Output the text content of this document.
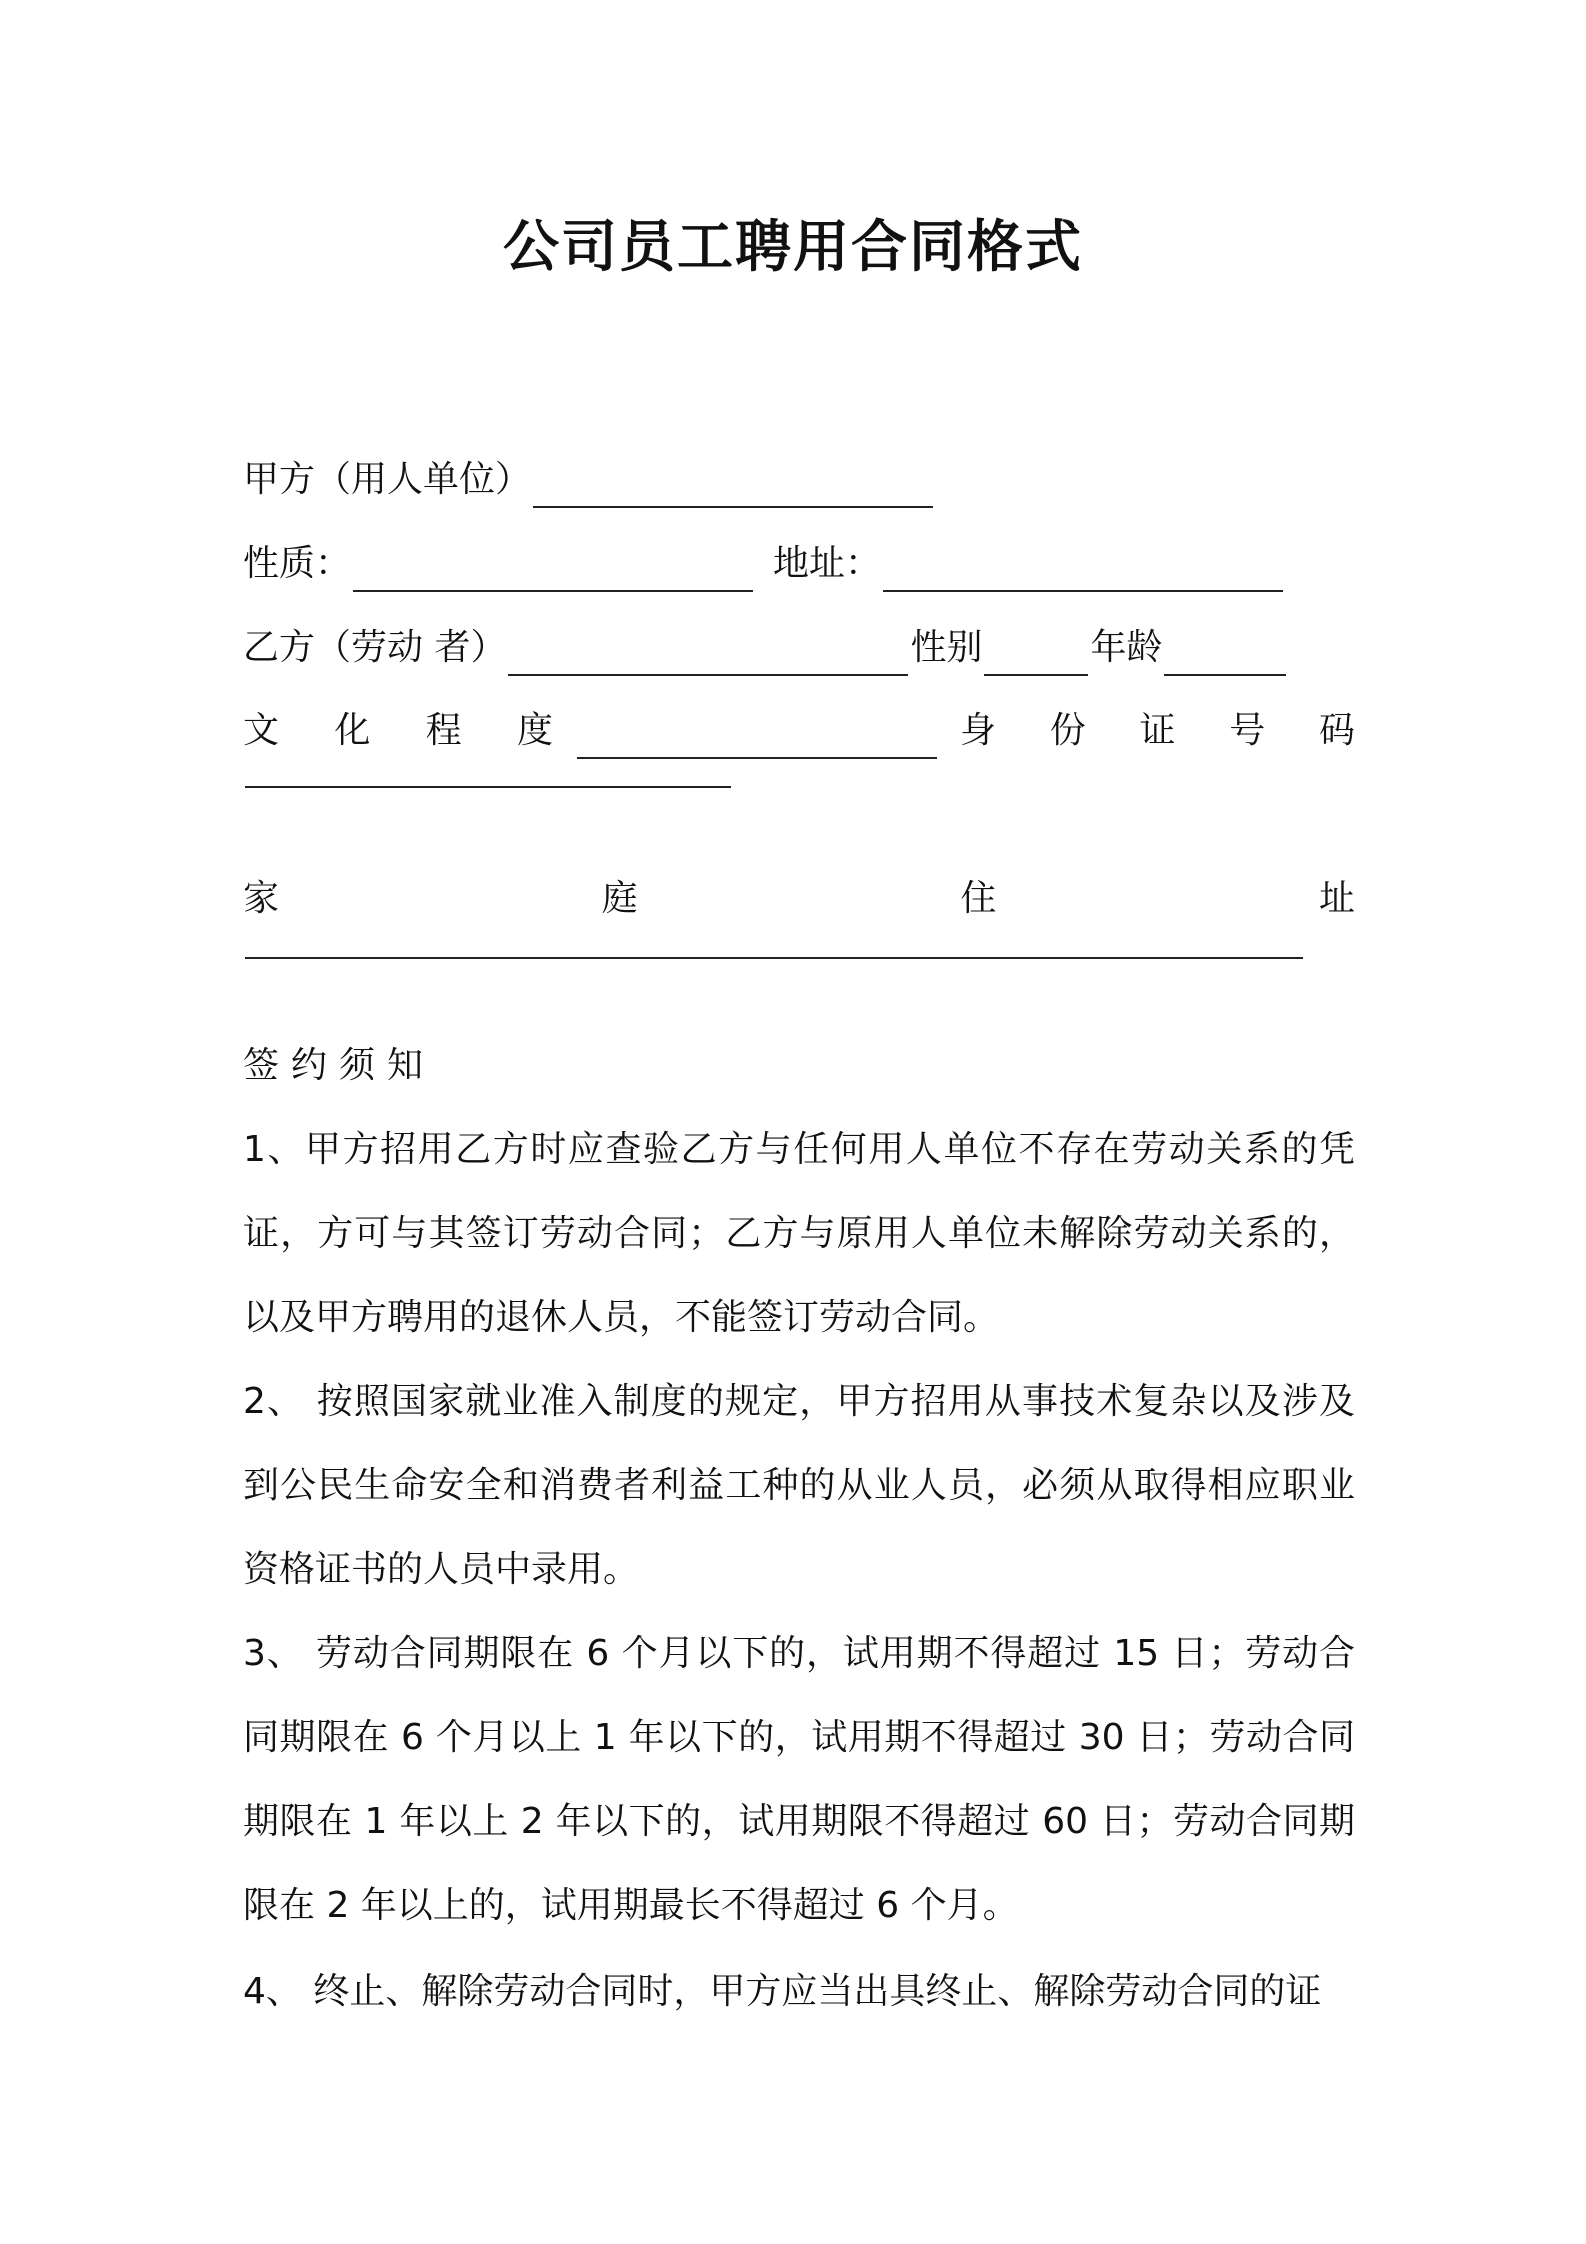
公司员工聘用合同格式
甲方（用人单位）
性质：	地址：
乙方（劳动 者）	性别	年龄
文 化 程 度	身 份 证 号 码
家	庭	住	址
签约须知
1、甲方招用乙方时应查验乙方与任何用人单位不存在劳动关系的凭证，方可与其签订劳动合同；乙方与原用人单位未解除劳动关系的，以及甲方聘用的退休人员，不能签订劳动合同。
2、 按照国家就业准入制度的规定，甲方招用从事技术复杂以及涉及到公民生命安全和消费者利益工种的从业人员，必须从取得相应职业资格证书的人员中录用。
3、 劳动合同期限在 6 个月以下的，试用期不得超过 15 日；劳动合同期限在 6 个月以上 1 年以下的，试用期不得超过 30 日；劳动合同期限在 1 年以上 2 年以下的，试用期限不得超过 60 日；劳动合同期限在 2 年以上的，试用期最长不得超过 6 个月。
4、 终止、解除劳动合同时，甲方应当出具终止、解除劳动合同的证
